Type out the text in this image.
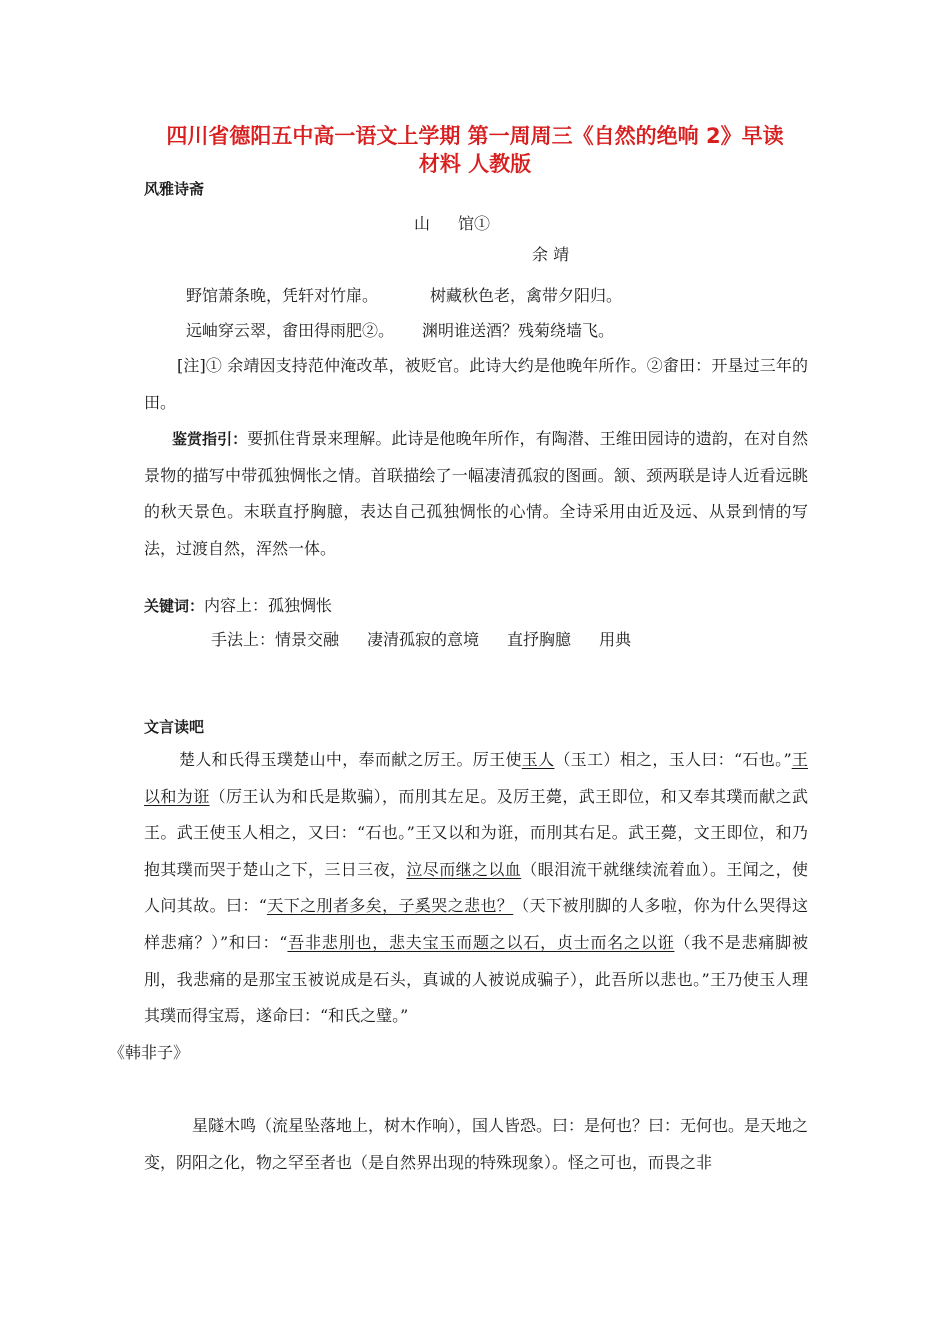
四川省德阳五中高一语文上学期 第一周周三《自然的绝响 2》早读
材料 人教版
风雅诗斋
山 馆①
余 靖
野馆萧条晚，凭轩对竹扉。	树藏秋色老，禽带夕阳归。
远岫穿云翠，畬田得雨肥②。 渊明谁送酒？残菊绕墙飞。
[注]① 余靖因支持范仲淹改革，被贬官。此诗大约是他晚年所作。②畬田：开垦过三年的田。
鉴赏指引：要抓住背景来理解。此诗是他晚年所作，有陶潜、王维田园诗的遗韵，在对自然景物的描写中带孤独惆怅之情。首联描绘了一幅凄清孤寂的图画。颔、颈两联是诗人近看远眺的秋天景色。末联直抒胸臆，表达自己孤独惆怅的心情。全诗采用由近及远、从景到情的写法，过渡自然，浑然一体。
关键词：内容上：孤独惆怅
手法上：情景交融 凄清孤寂的意境 直抒胸臆 用典
文言读吧
楚人和氏得玉璞楚山中，奉而献之厉王。厉王使玉人（玉工）相之，玉人曰：“石也。”王以和为诳（厉王认为和氏是欺骗），而刖其左足。及厉王薨，武王即位，和又奉其璞而献之武王。武王使玉人相之，又曰：“石也。”王又以和为诳，而刖其右足。武王薨，文王即位，和乃抱其璞而哭于楚山之下，三日三夜，泣尽而继之以血（眼泪流干就继续流着血）。王闻之，使人问其故。曰：“天下之刖者多矣，子奚哭之悲也？（天下被刖脚的人多啦，你为什么哭得这样悲痛？）”和曰：“吾非悲刖也，悲夫宝玉而题之以石，贞士而名之以诳（我不是悲痛脚被刖，我悲痛的是那宝玉被说成是石头，真诚的人被说成骗子），此吾所以悲也。”王乃使玉人理其璞而得宝焉，遂命曰：“和氏之璧。”
《韩非子》
星隧木鸣（流星坠落地上，树木作响），国人皆恐。曰：是何也？曰：无何也。是天地之变，阴阳之化，物之罕至者也（是自然界出现的特殊现象）。怪之可也，而畏之非
